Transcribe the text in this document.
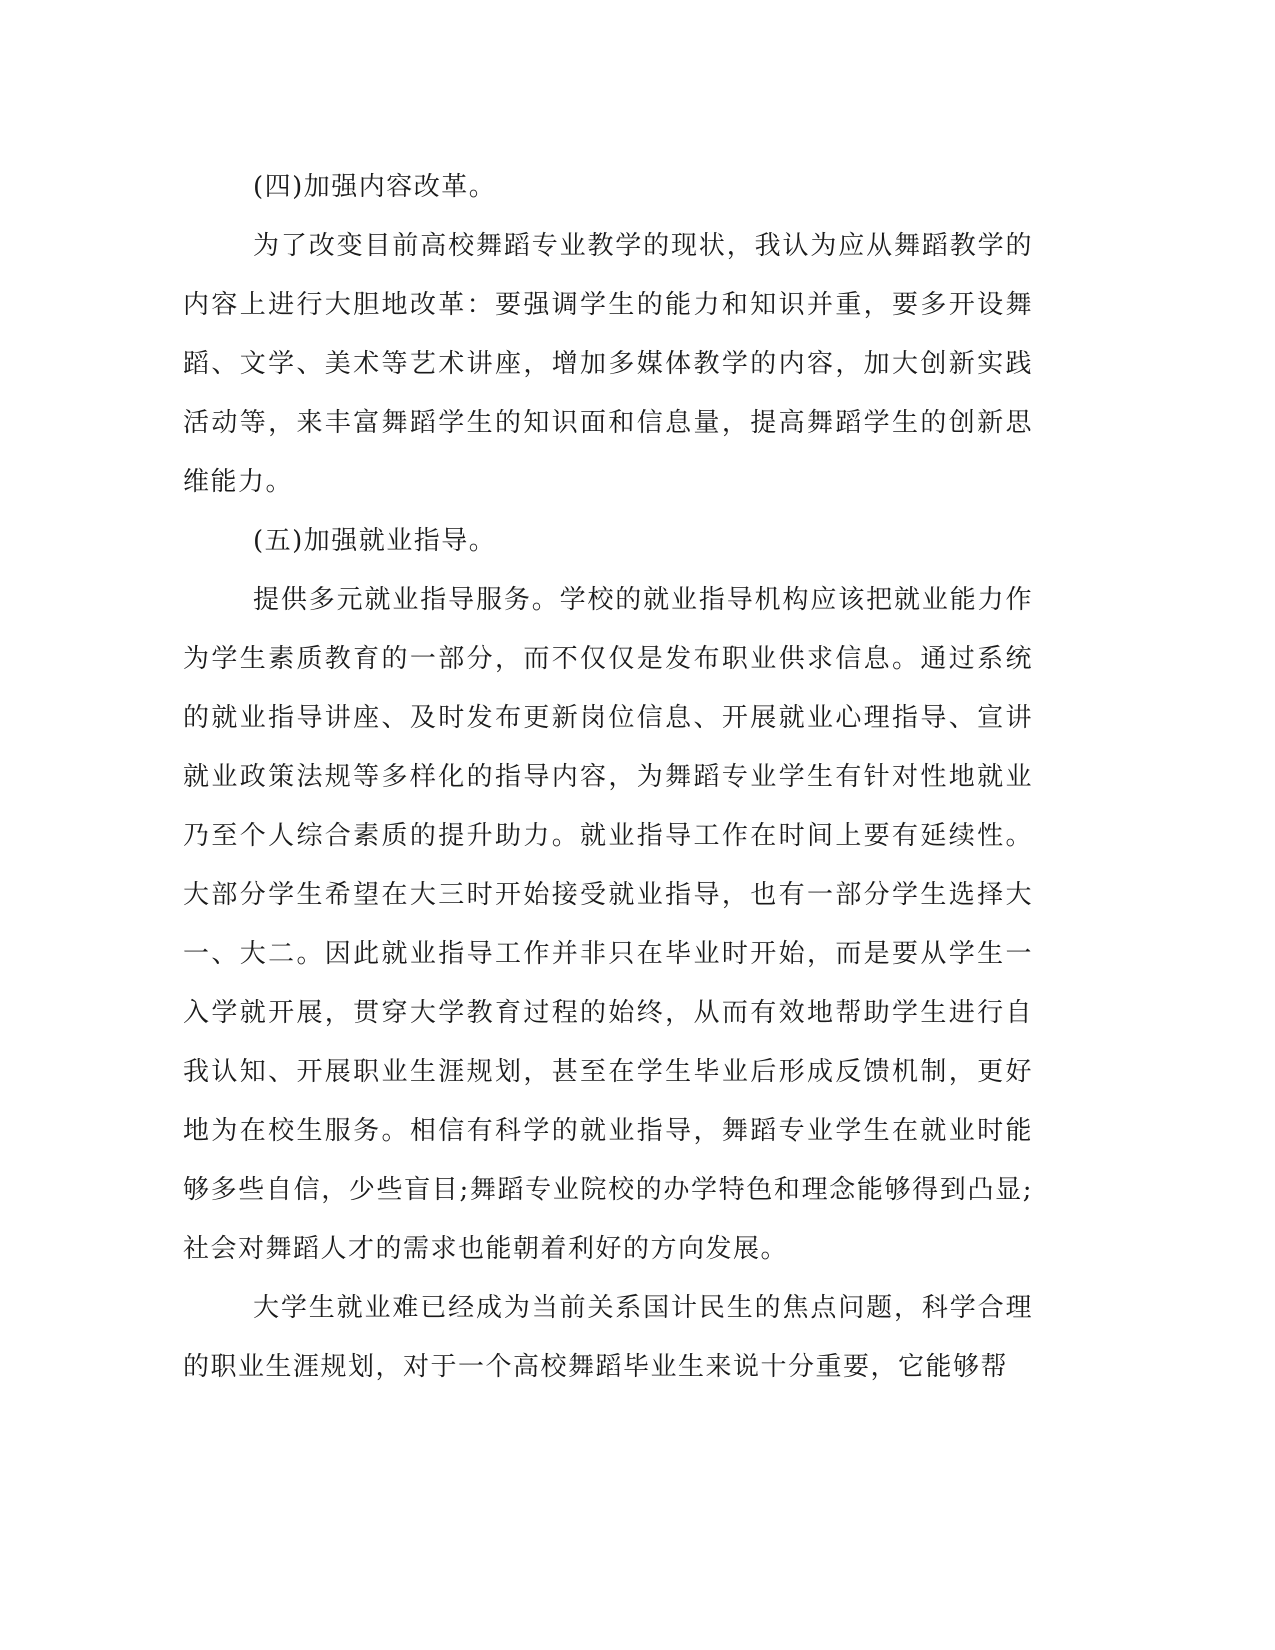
(四)加强内容改革。

为了改变目前高校舞蹈专业教学的现状，我认为应从舞蹈教学的内容上进行大胆地改革：要强调学生的能力和知识并重，要多开设舞蹈、文学、美术等艺术讲座，增加多媒体教学的内容，加大创新实践活动等，来丰富舞蹈学生的知识面和信息量，提高舞蹈学生的创新思维能力。

(五)加强就业指导。

提供多元就业指导服务。学校的就业指导机构应该把就业能力作为学生素质教育的一部分，而不仅仅是发布职业供求信息。通过系统的就业指导讲座、及时发布更新岗位信息、开展就业心理指导、宣讲就业政策法规等多样化的指导内容，为舞蹈专业学生有针对性地就业乃至个人综合素质的提升助力。就业指导工作在时间上要有延续性。大部分学生希望在大三时开始接受就业指导，也有一部分学生选择大一、大二。因此就业指导工作并非只在毕业时开始，而是要从学生一入学就开展，贯穿大学教育过程的始终，从而有效地帮助学生进行自我认知、开展职业生涯规划，甚至在学生毕业后形成反馈机制，更好地为在校生服务。相信有科学的就业指导，舞蹈专业学生在就业时能够多些自信，少些盲目;舞蹈专业院校的办学特色和理念能够得到凸显;社会对舞蹈人才的需求也能朝着利好的方向发展。

大学生就业难已经成为当前关系国计民生的焦点问题，科学合理的职业生涯规划，对于一个高校舞蹈毕业生来说十分重要，它能够帮
